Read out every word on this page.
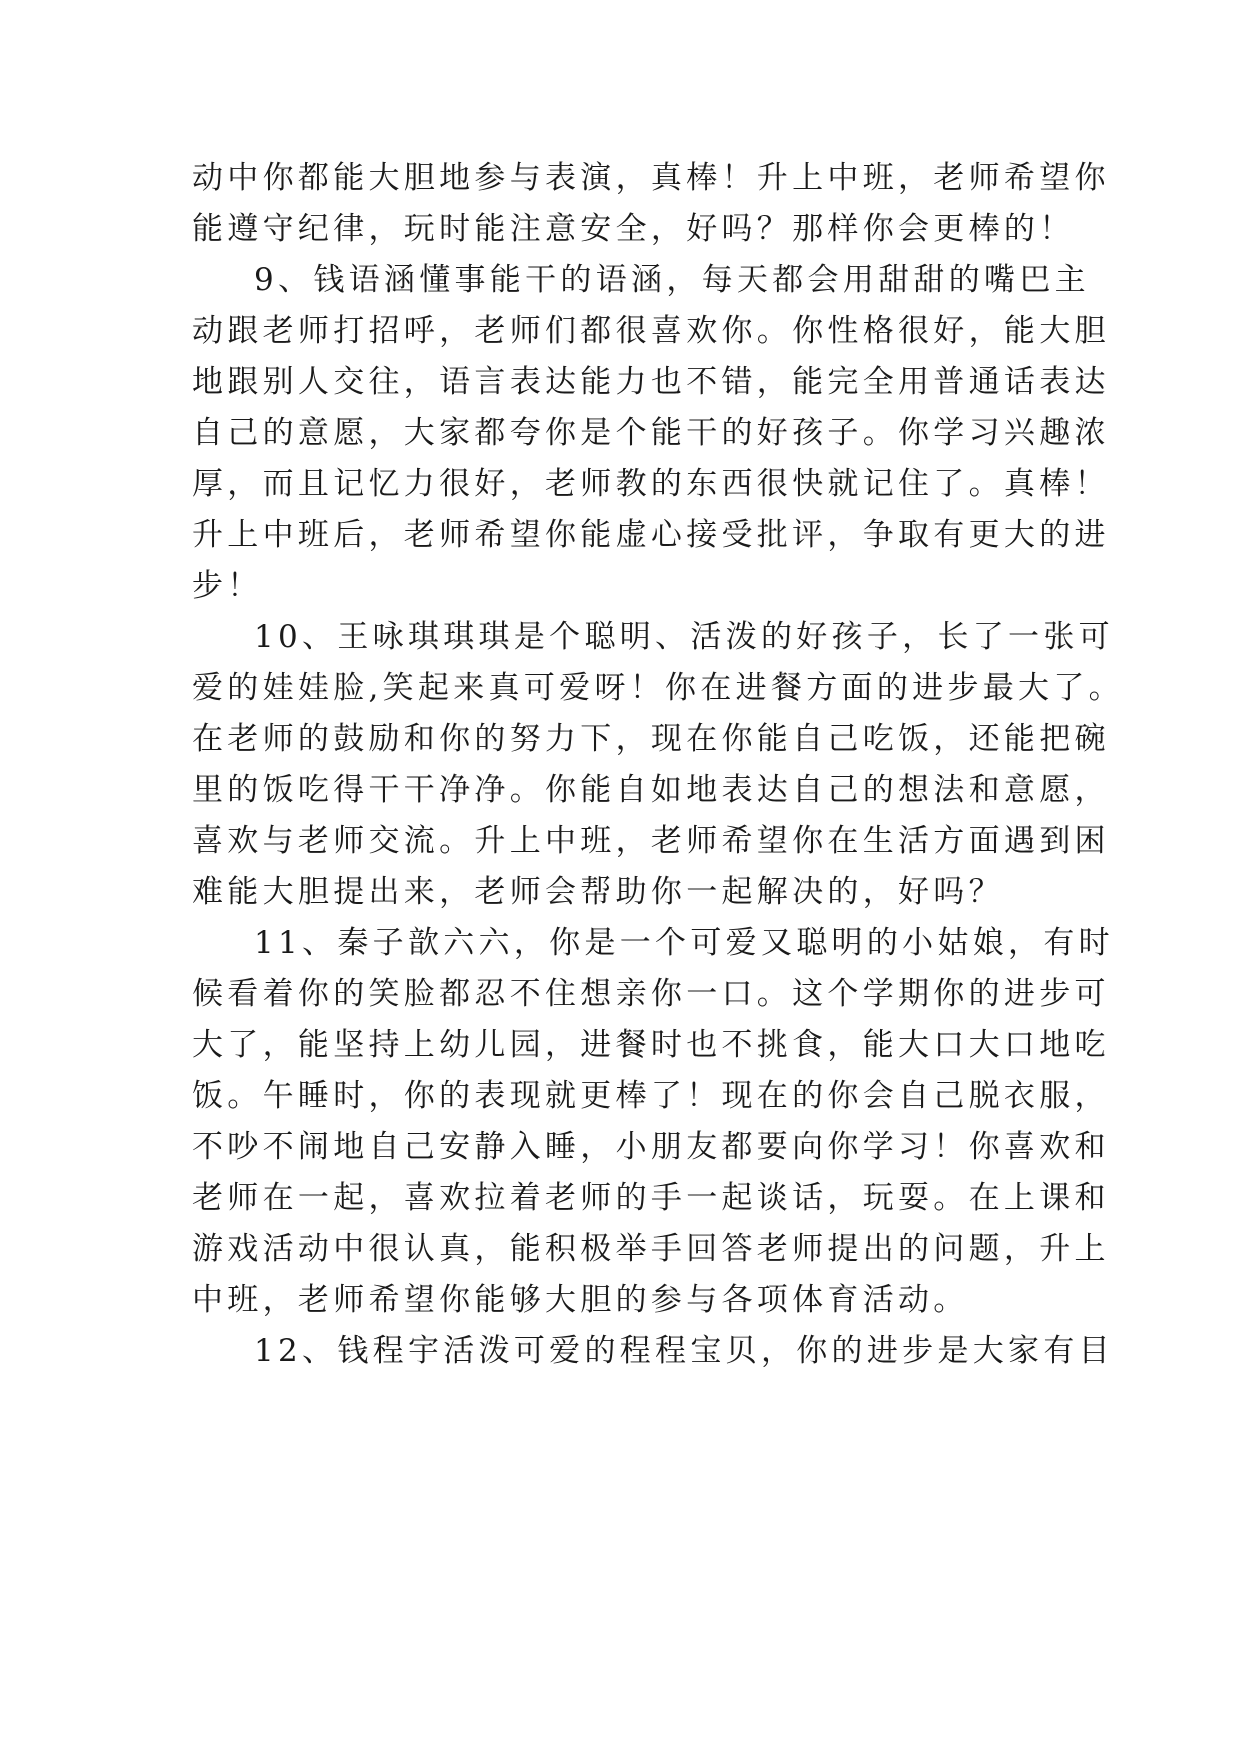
动中你都能大胆地参与表演，真棒！升上中班，老师希望你
能遵守纪律，玩时能注意安全，好吗？那样你会更棒的！
9、钱语涵懂事能干的语涵，每天都会用甜甜的嘴巴主
动跟老师打招呼，老师们都很喜欢你。你性格很好，能大胆
地跟别人交往，语言表达能力也不错，能完全用普通话表达
自己的意愿，大家都夸你是个能干的好孩子。你学习兴趣浓
厚，而且记忆力很好，老师教的东西很快就记住了。真棒！
升上中班后，老师希望你能虚心接受批评，争取有更大的进
步！
10、王咏琪琪琪是个聪明、活泼的好孩子，长了一张可
爱的娃娃脸,笑起来真可爱呀！你在进餐方面的进步最大了。
在老师的鼓励和你的努力下，现在你能自己吃饭，还能把碗
里的饭吃得干干净净。你能自如地表达自己的想法和意愿，
喜欢与老师交流。升上中班，老师希望你在生活方面遇到困
难能大胆提出来，老师会帮助你一起解决的，好吗？
11、秦子歆六六，你是一个可爱又聪明的小姑娘，有时
候看着你的笑脸都忍不住想亲你一口。这个学期你的进步可
大了，能坚持上幼儿园，进餐时也不挑食，能大口大口地吃
饭。午睡时，你的表现就更棒了！现在的你会自己脱衣服，
不吵不闹地自己安静入睡，小朋友都要向你学习！你喜欢和
老师在一起，喜欢拉着老师的手一起谈话，玩耍。在上课和
游戏活动中很认真，能积极举手回答老师提出的问题，升上
中班，老师希望你能够大胆的参与各项体育活动。
12、钱程宇活泼可爱的程程宝贝，你的进步是大家有目
